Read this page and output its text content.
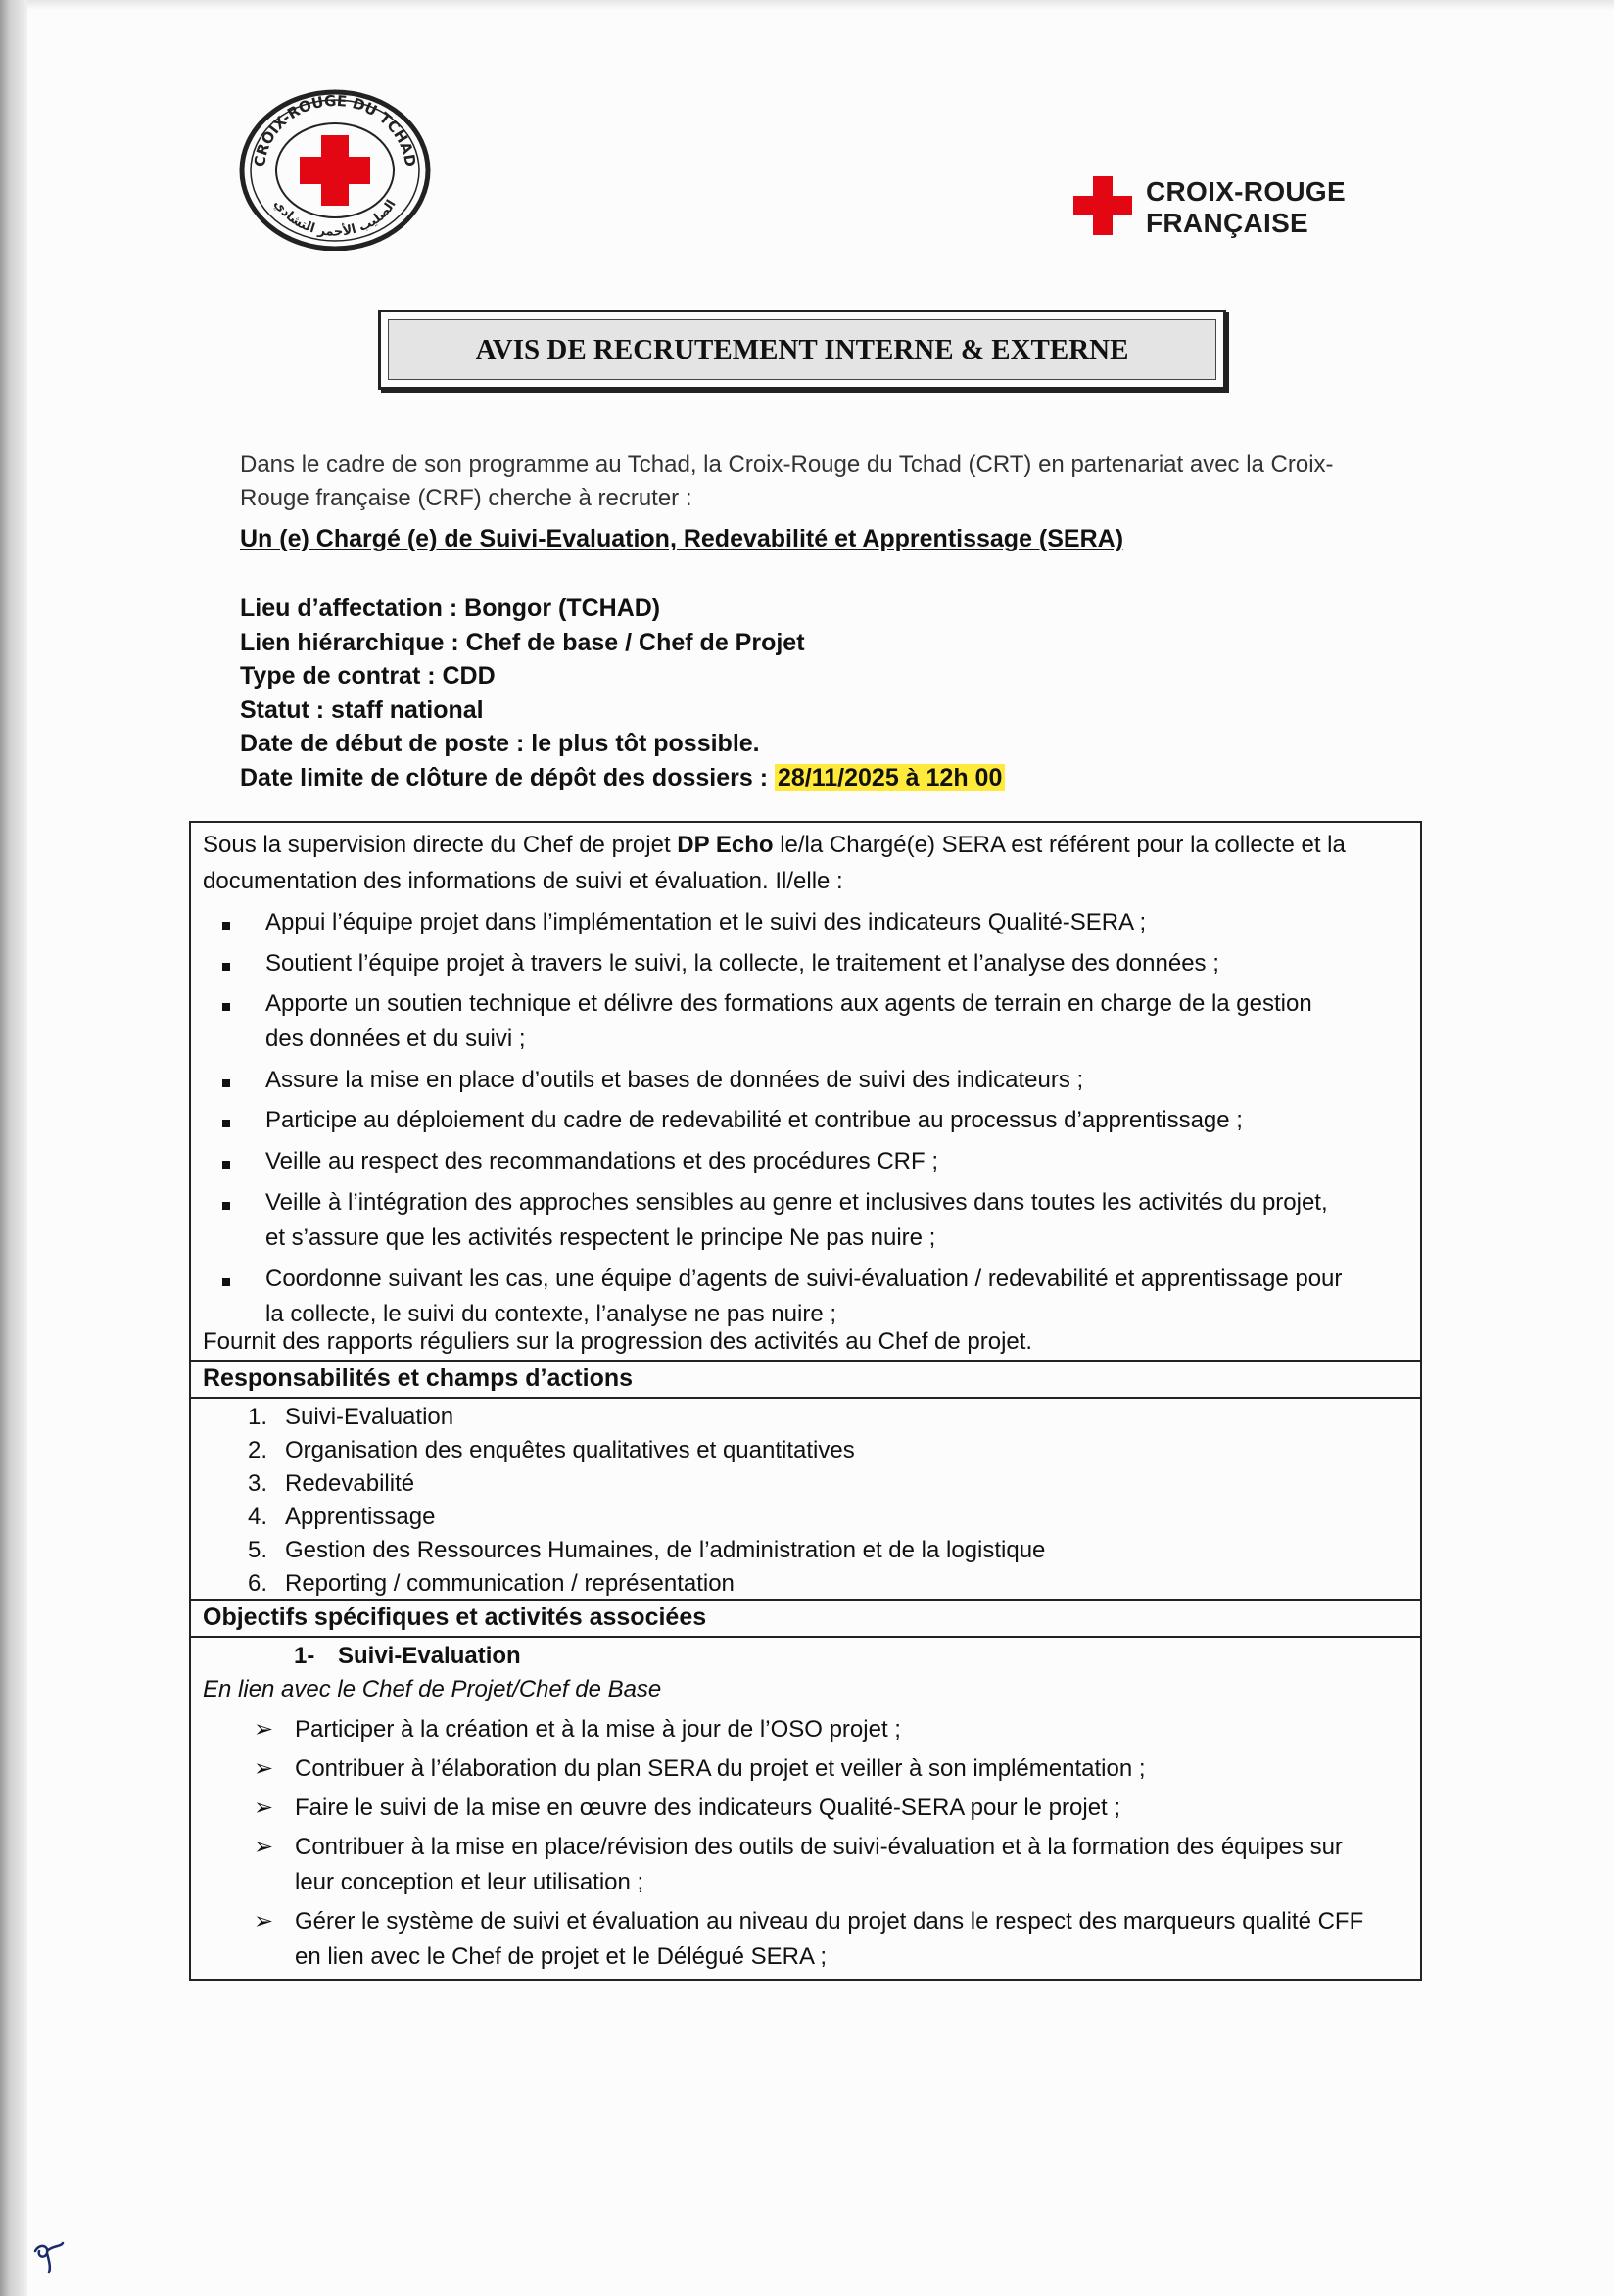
CROIX-ROUGE DU TCHAD
الصليب الأحمر التشادي	CROIX-ROUGE
FRANÇAISE
AVIS DE RECRUTEMENT INTERNE & EXTERNE
Dans le cadre de son programme au Tchad, la Croix-Rouge du Tchad (CRT) en partenariat avec la Croix-
Rouge française (CRF) cherche à recruter :
Un (e) Chargé (e) de Suivi-Evaluation, Redevabilité et Apprentissage (SERA)
Lieu d’affectation : Bongor (TCHAD)
Lien hiérarchique : Chef de base / Chef de Projet
Type de contrat : CDD
Statut : staff national
Date de début de poste : le plus tôt possible.
Date limite de clôture de dépôt des dossiers : 28/11/2025 à 12h 00
Sous la supervision directe du Chef de projet DP Echo le/la Chargé(e) SERA est référent pour la collecte et la
documentation des informations de suivi et évaluation. Il/elle :
Appui l’équipe projet dans l’implémentation et le suivi des indicateurs Qualité-SERA ;
Soutient l’équipe projet à travers le suivi, la collecte, le traitement et l’analyse des données ;
Apporte un soutien technique et délivre des formations aux agents de terrain en charge de la gestion
des données et du suivi ;
Assure la mise en place d’outils et bases de données de suivi des indicateurs ;
Participe au déploiement du cadre de redevabilité et contribue au processus d’apprentissage ;
Veille au respect des recommandations et des procédures CRF ;
Veille à l’intégration des approches sensibles au genre et inclusives dans toutes les activités du projet,
et s’assure que les activités respectent le principe Ne pas nuire ;
Coordonne suivant les cas, une équipe d’agents de suivi-évaluation / redevabilité et apprentissage pour
la collecte, le suivi du contexte, l’analyse ne pas nuire ;
Fournit des rapports réguliers sur la progression des activités au Chef de projet.
Responsabilités et champs d’actions
1. Suivi-Evaluation
2. Organisation des enquêtes qualitatives et quantitatives
3. Redevabilité
4. Apprentissage
5. Gestion des Ressources Humaines, de l’administration et de la logistique
6. Reporting / communication / représentation
Objectifs spécifiques et activités associées
1- Suivi-Evaluation
En lien avec le Chef de Projet/Chef de Base
➢ Participer à la création et à la mise à jour de l’OSO projet ;
➢ Contribuer à l’élaboration du plan SERA du projet et veiller à son implémentation ;
➢ Faire le suivi de la mise en œuvre des indicateurs Qualité-SERA pour le projet ;
➢ Contribuer à la mise en place/révision des outils de suivi-évaluation et à la formation des équipes sur
leur conception et leur utilisation ;
➢ Gérer le système de suivi et évaluation au niveau du projet dans le respect des marqueurs qualité CFF
en lien avec le Chef de projet et le Délégué SERA ;
